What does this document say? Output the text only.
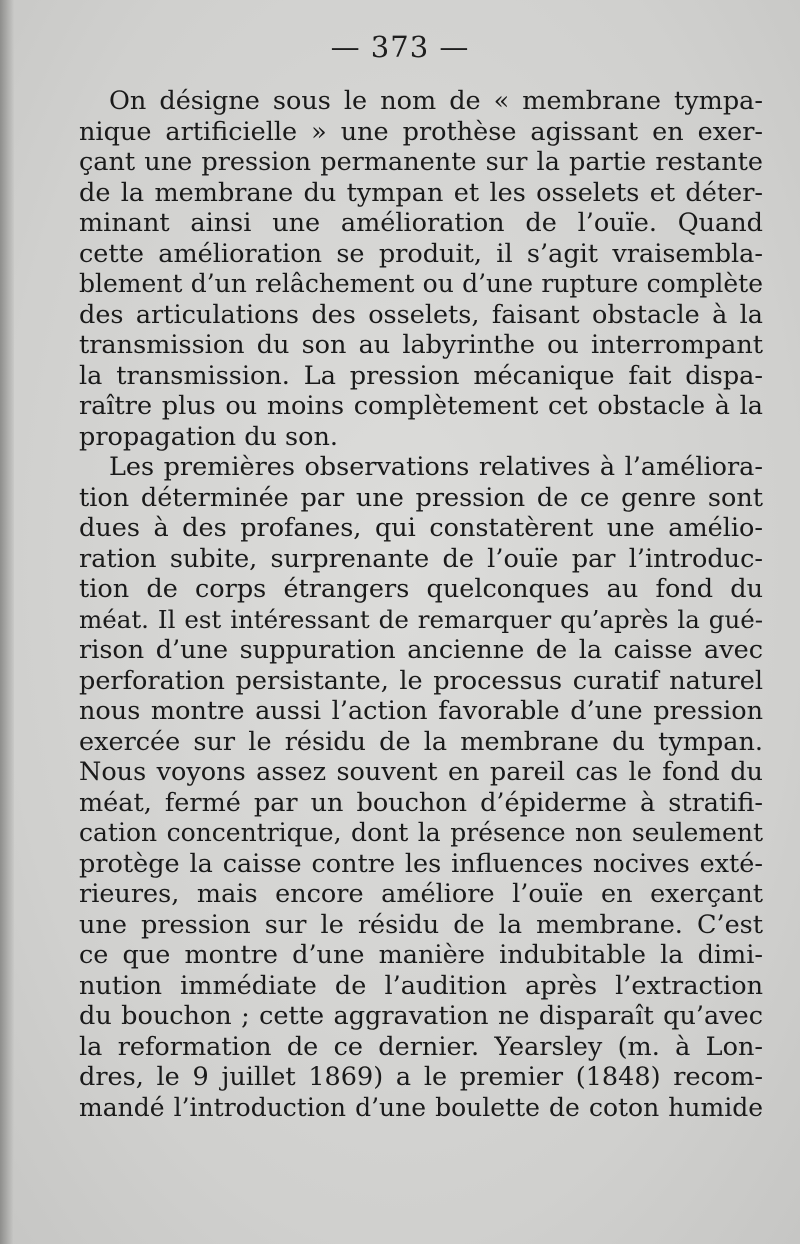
— 373 —
On désigne sous le nom de « membrane tympa-
nique artificielle » une prothèse agissant en exer-
çant une pression permanente sur la partie restante
de la membrane du tympan et les osselets et déter-
minant ainsi une amélioration de l’ouïe. Quand
cette amélioration se produit, il s’agit vraisembla-
blement d’un relâchement ou d’une rupture complète
des articulations des osselets, faisant obstacle à la
transmission du son au labyrinthe ou interrompant
la transmission. La pression mécanique fait dispa-
raître plus ou moins complètement cet obstacle à la
propagation du son.
Les premières observations relatives à l’améliora-
tion déterminée par une pression de ce genre sont
dues à des profanes, qui constatèrent une amélio-
ration subite, surprenante de l’ouïe par l’introduc-
tion de corps étrangers quelconques au fond du
méat. Il est intéressant de remarquer qu’après la gué-
rison d’une suppuration ancienne de la caisse avec
perforation persistante, le processus curatif naturel
nous montre aussi l’action favorable d’une pression
exercée sur le résidu de la membrane du tympan.
Nous voyons assez souvent en pareil cas le fond du
méat, fermé par un bouchon d’épiderme à stratifi-
cation concentrique, dont la présence non seulement
protège la caisse contre les influences nocives exté-
rieures, mais encore améliore l’ouïe en exerçant
une pression sur le résidu de la membrane. C’est
ce que montre d’une manière indubitable la dimi-
nution immédiate de l’audition après l’extraction
du bouchon ; cette aggravation ne disparaît qu’avec
la reformation de ce dernier. Yearsley (m. à Lon-
dres, le 9 juillet 1869) a le premier (1848) recom-
mandé l’introduction d’une boulette de coton humide
